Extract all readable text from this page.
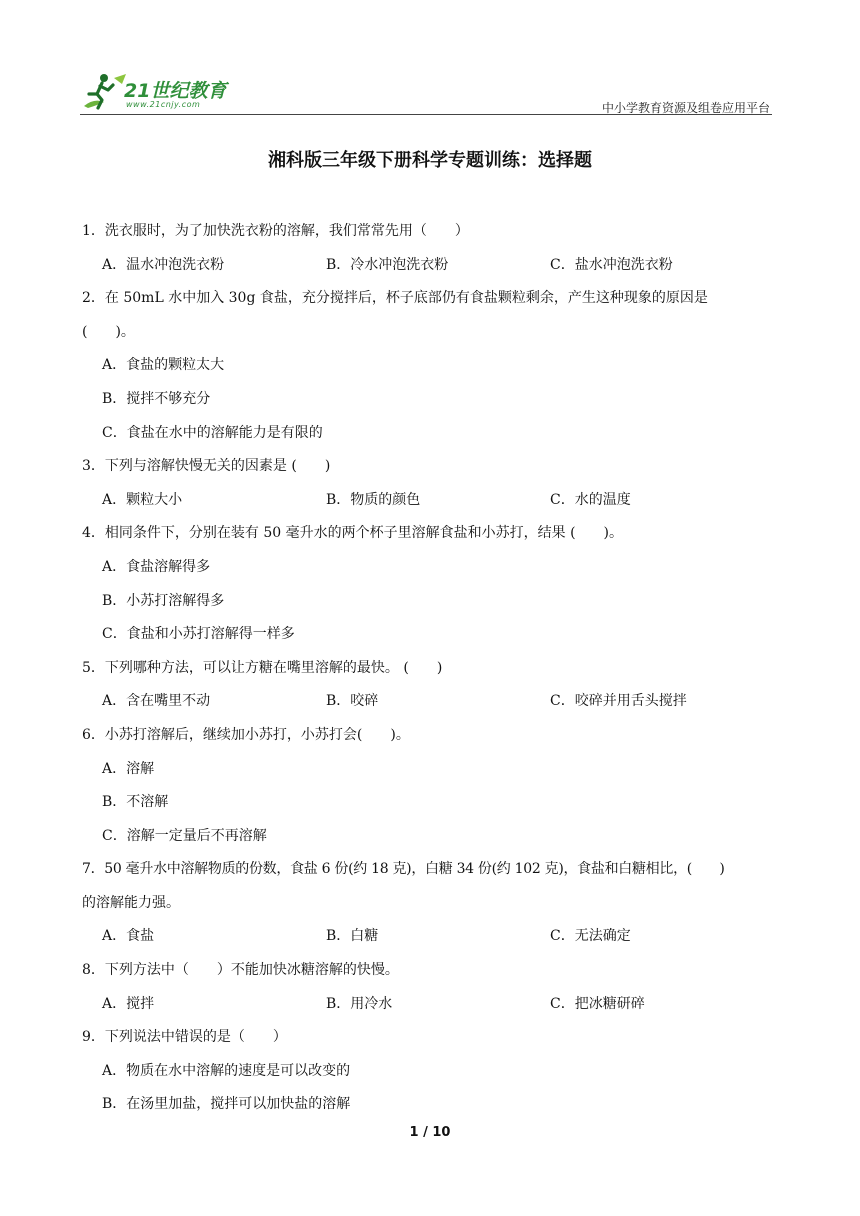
21世纪教育
www.21cnjy.com	中小学教育资源及组卷应用平台
湘科版三年级下册科学专题训练：选择题
1．洗衣服时，为了加快洗衣粉的溶解，我们常常先用（　　）
A．温水冲泡洗衣粉	B．冷水冲泡洗衣粉	C．盐水冲泡洗衣粉
2．在 50mL 水中加入 30g 食盐，充分搅拌后，杯子底部仍有食盐颗粒剩余，产生这种现象的原因是
(　　)。
A．食盐的颗粒太大
B．搅拌不够充分
C．食盐在水中的溶解能力是有限的
3．下列与溶解快慢无关的因素是 (　　)
A．颗粒大小	B．物质的颜色	C．水的温度
4．相同条件下，分别在装有 50 毫升水的两个杯子里溶解食盐和小苏打，结果 (　　)。
A．食盐溶解得多
B．小苏打溶解得多
C．食盐和小苏打溶解得一样多
5．下列哪种方法，可以让方糖在嘴里溶解的最快。 (　　)
A．含在嘴里不动	B．咬碎	C．咬碎并用舌头搅拌
6．小苏打溶解后，继续加小苏打，小苏打会(　　)。
A．溶解
B．不溶解
C．溶解一定量后不再溶解
7．50 毫升水中溶解物质的份数，食盐 6 份(约 18 克)，白糖 34 份(约 102 克)，食盐和白糖相比，(　　)
的溶解能力强。
A．食盐	B．白糖	C．无法确定
8．下列方法中（　　）不能加快冰糖溶解的快慢。
A．搅拌	B．用冷水	C．把冰糖研碎
9．下列说法中错误的是（　　）
A．物质在水中溶解的速度是可以改变的
B．在汤里加盐，搅拌可以加快盐的溶解
1 / 10
